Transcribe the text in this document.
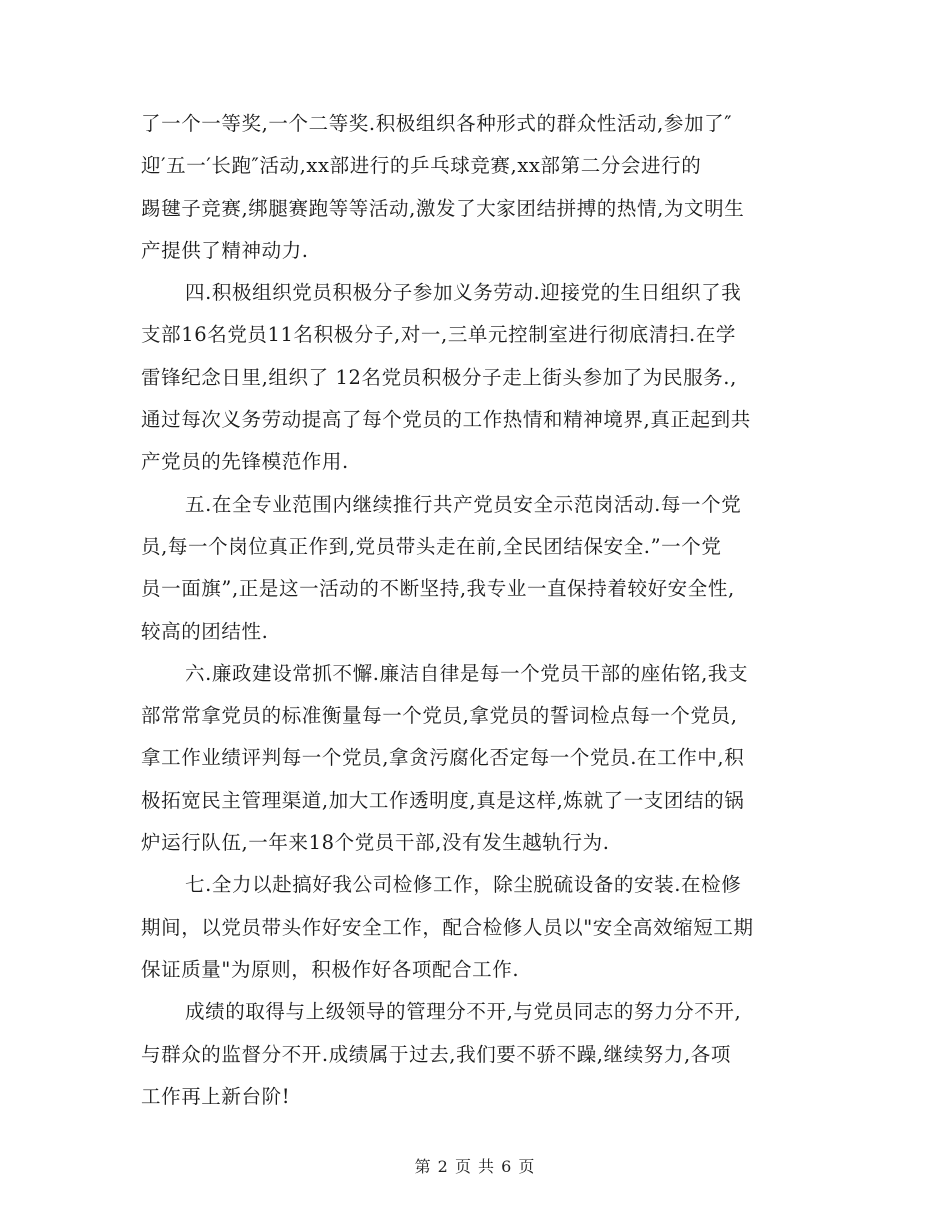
了一个一等奖,一个二等奖.积极组织各种形式的群众性活动,参加了″
迎′五一′长跑″活动,xx部进行的乒乓球竞赛,xx部第二分会进行的
踢毽子竞赛,绑腿赛跑等等活动,激发了大家团结拼搏的热情,为文明生
产提供了精神动力.

四.积极组织党员积极分子参加义务劳动.迎接党的生日组织了我
支部16名党员11名积极分子,对一,三单元控制室进行彻底清扫.在学
雷锋纪念日里,组织了 12名党员积极分子走上街头参加了为民服务.,
通过每次义务劳动提高了每个党员的工作热情和精神境界,真正起到共
产党员的先锋模范作用.

五.在全专业范围内继续推行共产党员安全示范岗活动.每一个党
员,每一个岗位真正作到,党员带头走在前,全民团结保安全.”一个党
员一面旗”,正是这一活动的不断坚持,我专业一直保持着较好安全性,
较高的团结性.

六.廉政建设常抓不懈.廉洁自律是每一个党员干部的座佑铭,我支
部常常拿党员的标准衡量每一个党员,拿党员的誓词检点每一个党员,
拿工作业绩评判每一个党员,拿贪污腐化否定每一个党员.在工作中,积
极拓宽民主管理渠道,加大工作透明度,真是这样,炼就了一支团结的锅
炉运行队伍,一年来18个党员干部,没有发生越轨行为.

七.全力以赴搞好我公司检修工作，除尘脱硫设备的安装.在检修
期间，以党员带头作好安全工作，配合检修人员以"安全高效缩短工期
保证质量"为原则，积极作好各项配合工作.

成绩的取得与上级领导的管理分不开,与党员同志的努力分不开,
与群众的监督分不开.成绩属于过去,我们要不骄不躁,继续努力,各项
工作再上新台阶!

第 2 页 共 6 页
